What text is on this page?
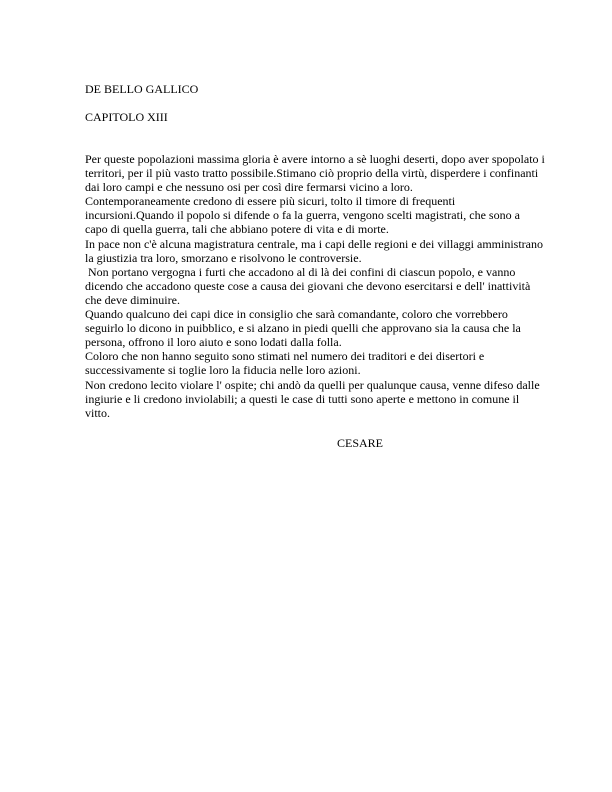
DE BELLO GALLICO
CAPITOLO XIII

Per queste popolazioni massima gloria è avere intorno a sè luoghi deserti, dopo aver spopolato i territori, per il più vasto tratto possibile.Stimano ciò proprio della virtù, disperdere i confinanti dai loro campi e che nessuno osi per così dire fermarsi vicino a loro.

Contemporaneamente credono di essere più sicuri, tolto il timore di frequenti incursioni.Quando il popolo si difende o fa la guerra, vengono scelti magistrati, che sono a capo di quella guerra, tali che abbiano potere di vita e di morte.

In pace non c'è alcuna magistratura centrale, ma i capi delle regioni e dei villaggi amministrano la giustizia tra loro, smorzano e risolvono le controversie.

Non portano vergogna i furti che accadono al di là dei confini di ciascun popolo, e vanno dicendo che accadono queste cose a causa dei giovani che devono esercitarsi e dell' inattività che deve diminuire.

Quando qualcuno dei capi dice in consiglio che sarà comandante, coloro che vorrebbero seguirlo lo dicono in puibblico, e si alzano in piedi quelli che approvano sia la causa che la persona, offrono il loro aiuto e sono lodati dalla folla.

Coloro che non hanno seguito sono stimati nel numero dei traditori e dei disertori e successivamente si toglie loro la fiducia nelle loro azioni.

Non credono lecito violare l' ospite; chi andò da quelli per qualunque causa, venne difeso dalle ingiurie e li credono inviolabili; a questi le case di tutti sono aperte e mettono in comune il vitto.

CESARE
